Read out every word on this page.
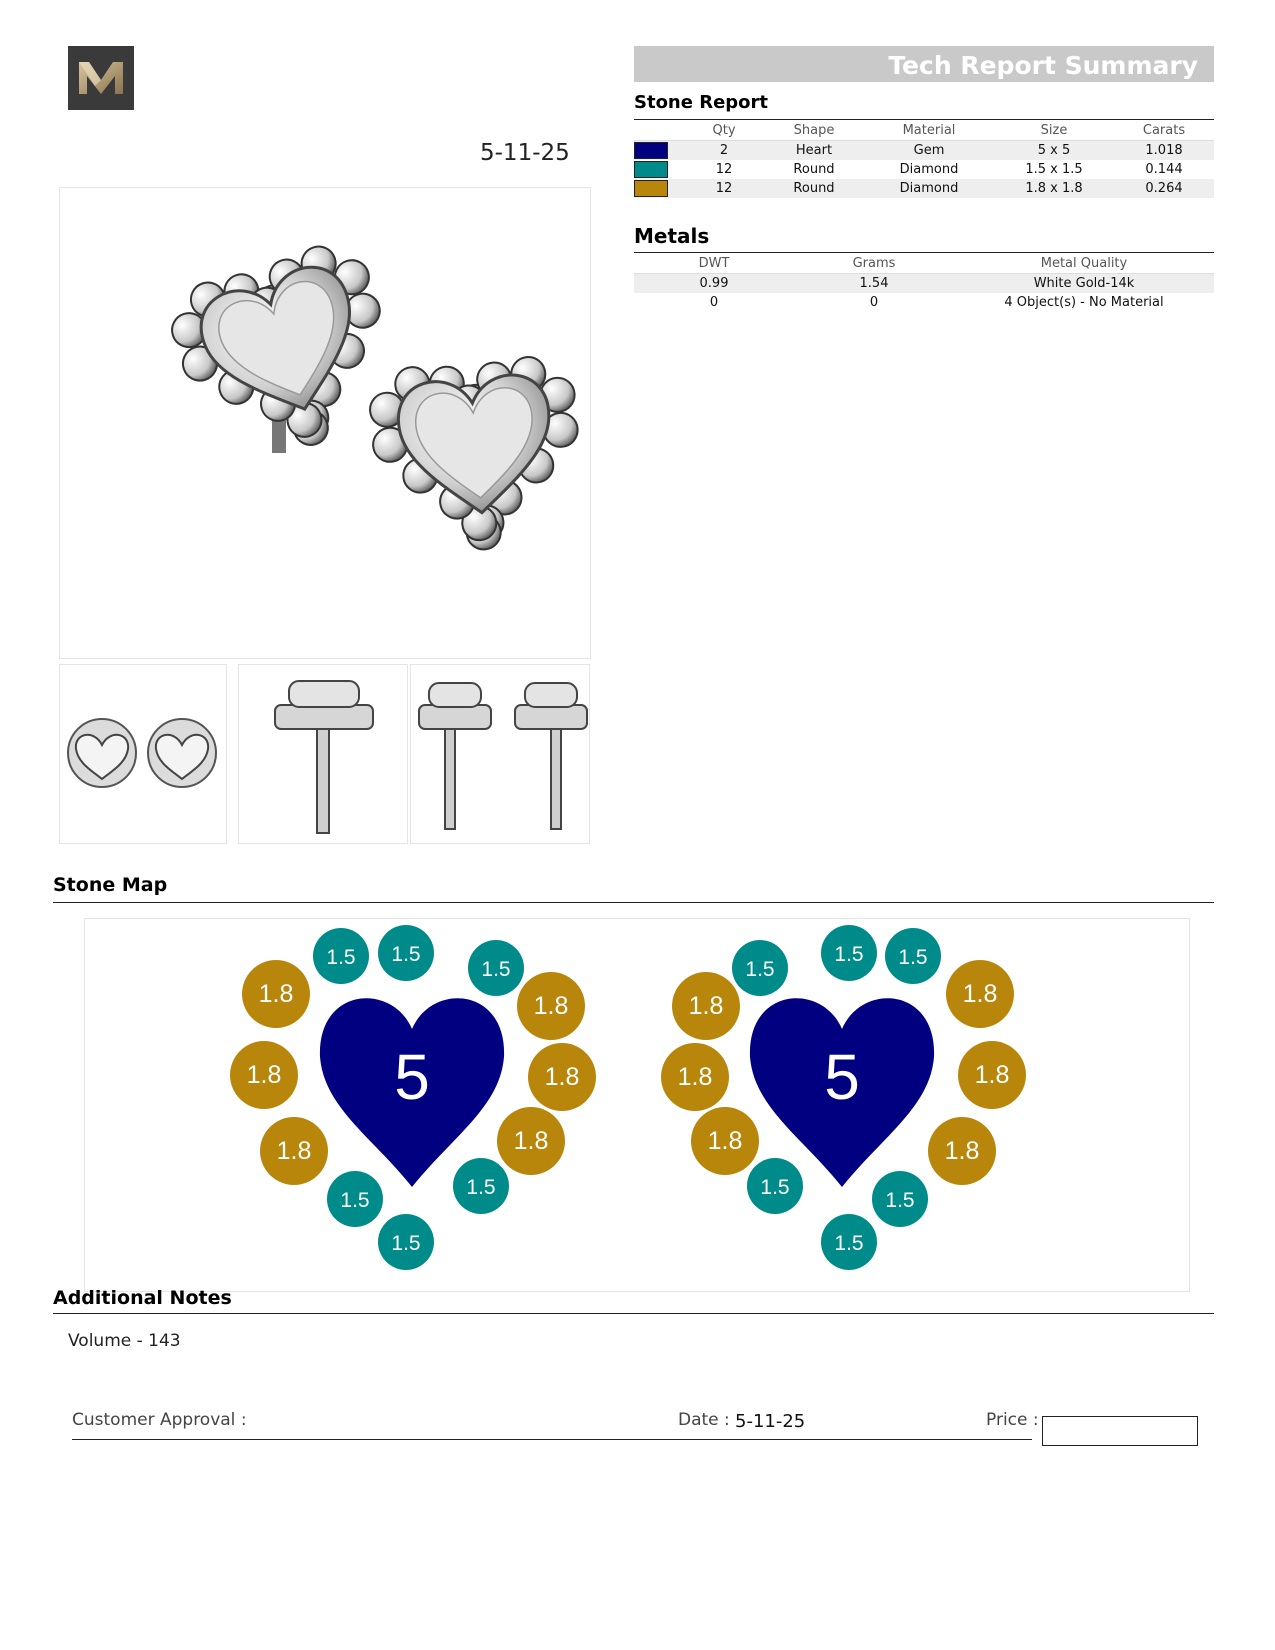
Tech Report Summary
5-11-25
Stone Report
	Qty	Shape	Material	Size	Carats
	2	Heart	Gem	5 x 5	1.018
	12	Round	Diamond	1.5 x 1.5	0.144
	12	Round	Diamond	1.8 x 1.8	0.264
Metals
DWT	Grams	Metal Quality
0.99	1.54	White Gold-14k
0	0	4 Object(s) - No Material
Stone Map
5
1.5 1.5
1.5
1.8	1.8
1.8	1.8
1.8	1.8
1.5
1.5
1.5
5
1.5
1.5 1.5
1.8	1.8
1.8	1.8
1.8	1.8
1.5
1.5
1.5
Additional Notes
Volume - 143
Customer Approval :	Date : 5-11-25	Price :
